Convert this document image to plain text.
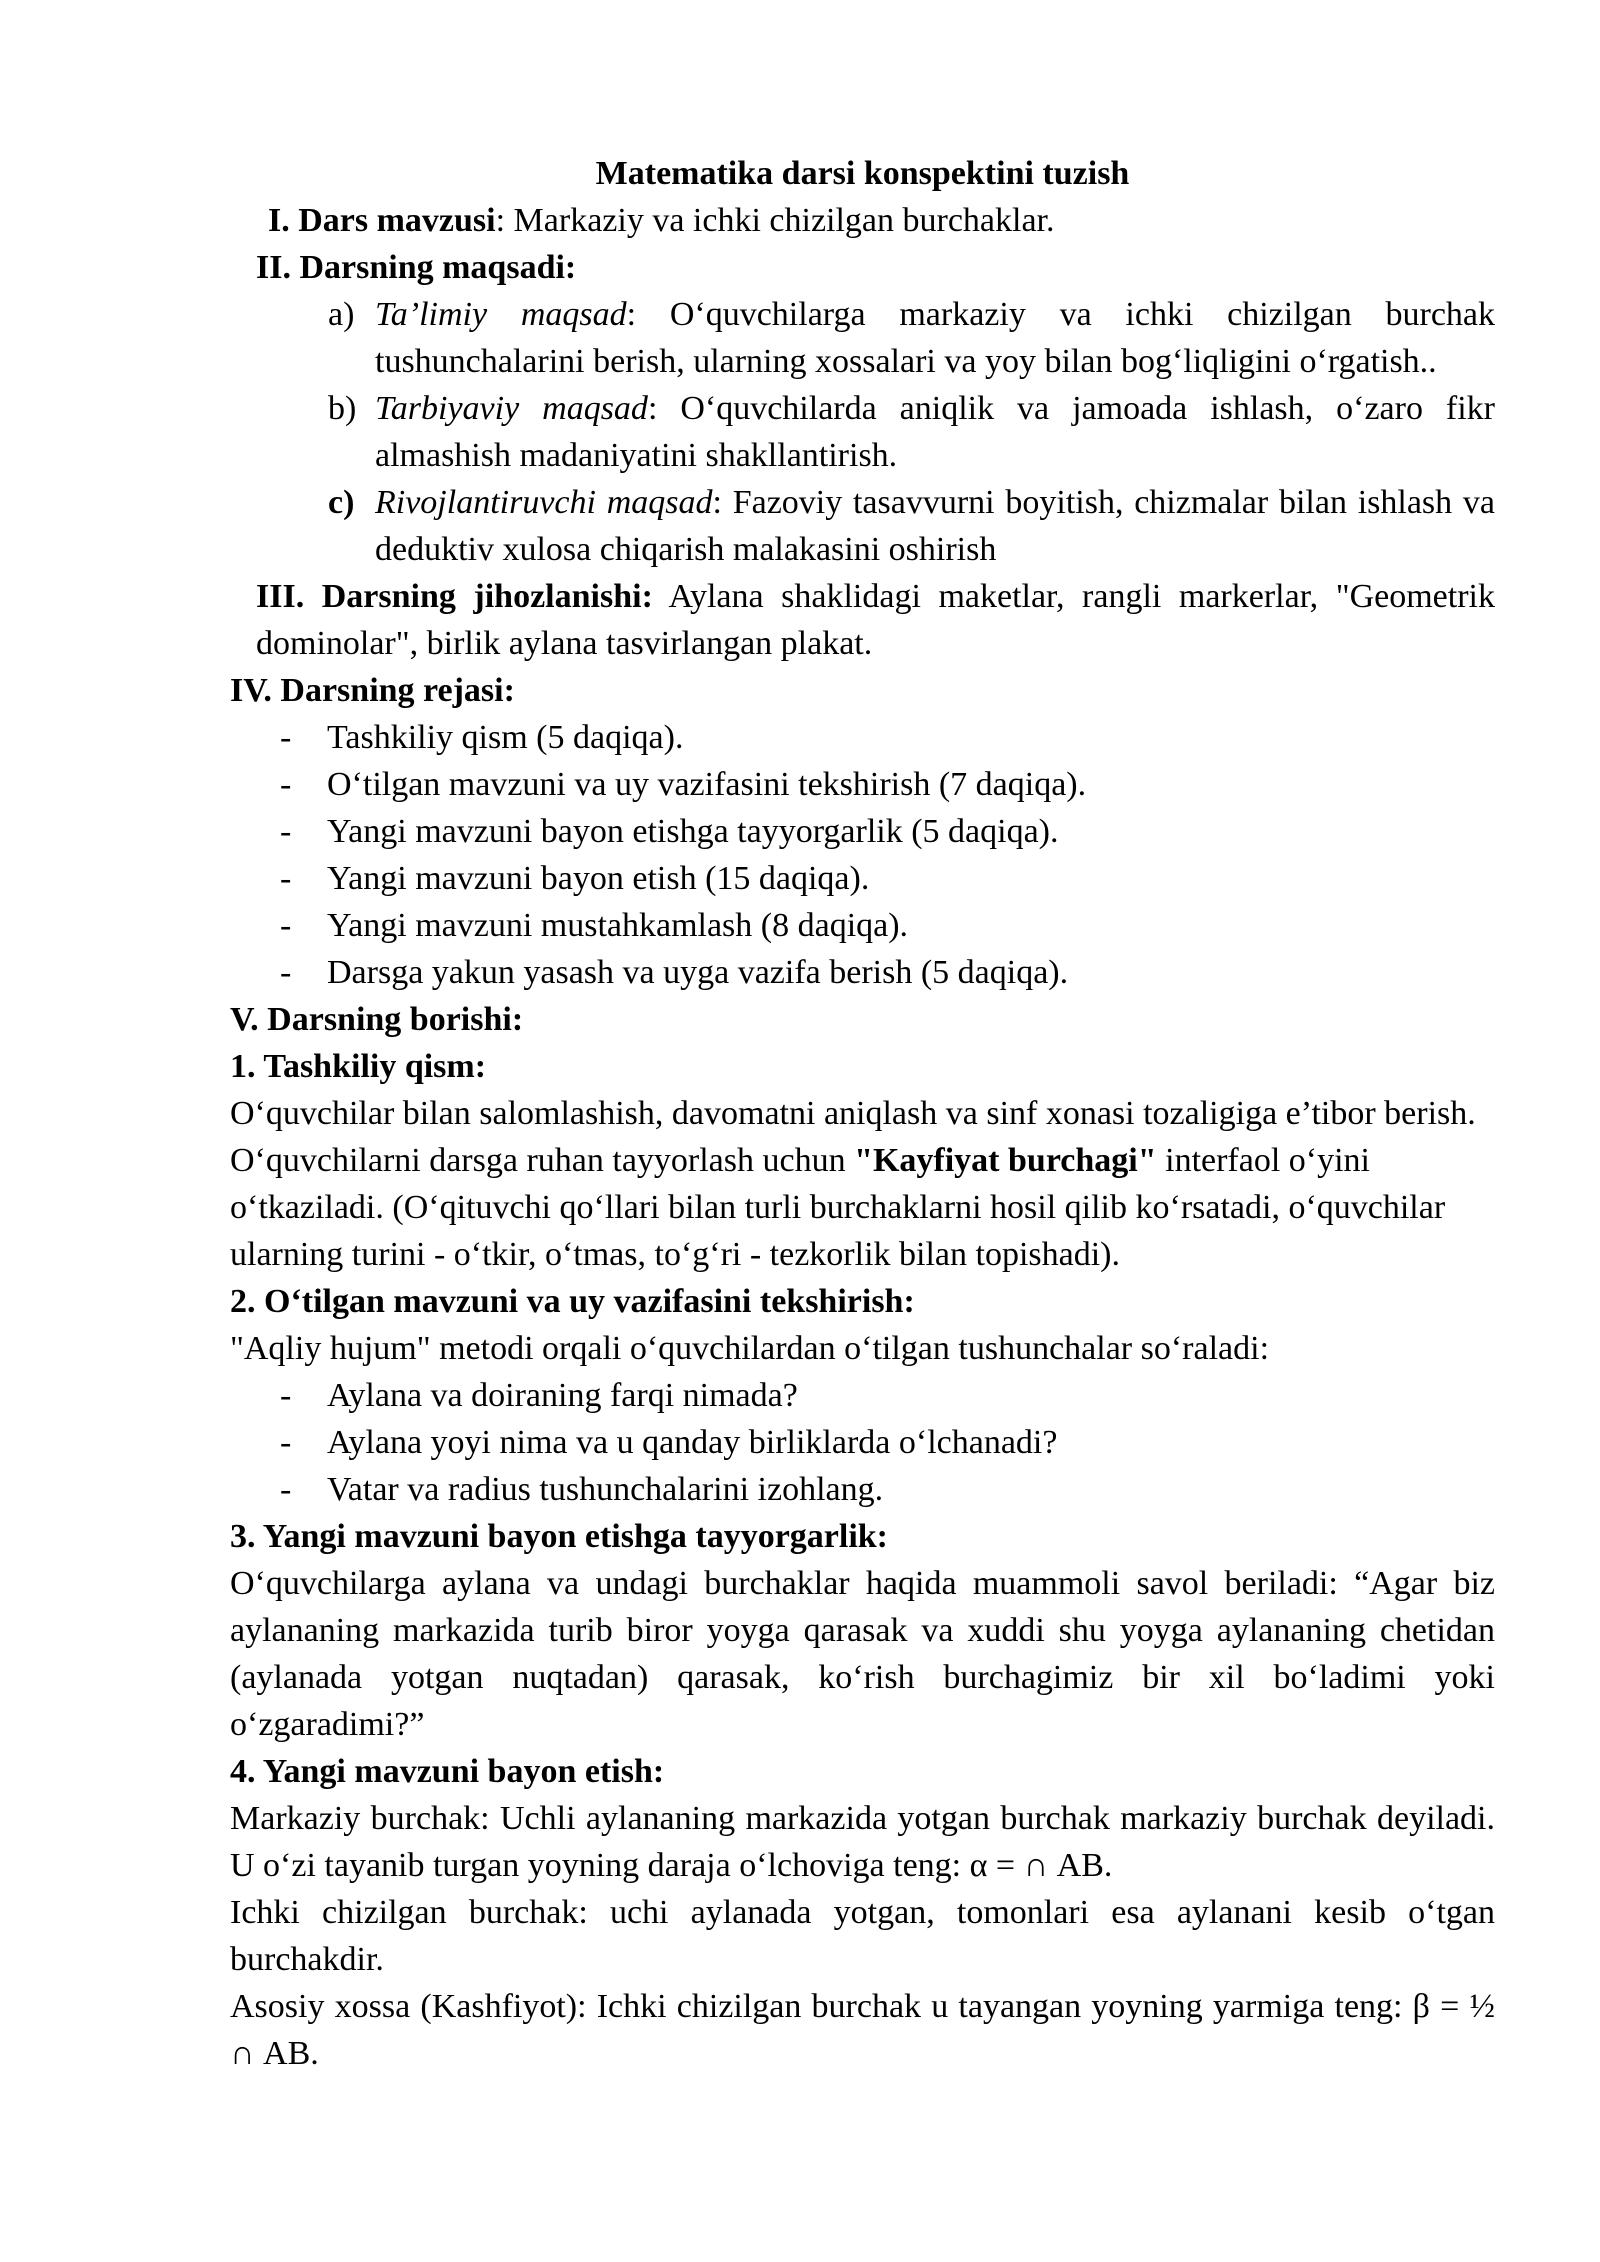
Matematika darsi konspektini tuzish

I. Dars mavzusi: Markaziy va ichki chizilgan burchaklar.

II. Darsning maqsadi:

a) Ta’limiy maqsad: O‘quvchilarga markaziy va ichki chizilgan burchak tushunchalarini berish, ularning xossalari va yoy bilan bog‘liqligini o‘rgatish..

b) Tarbiyaviy maqsad: O‘quvchilarda aniqlik va jamoada ishlash, o‘zaro fikr almashish madaniyatini shakllantirish.

c) Rivojlantiruvchi maqsad: Fazoviy tasavvurni boyitish, chizmalar bilan ishlash va deduktiv xulosa chiqarish malakasini oshirish

III. Darsning jihozlanishi: Aylana shaklidagi maketlar, rangli markerlar, "Geometrik dominolar", birlik aylana tasvirlangan plakat.

IV. Darsning rejasi:

- Tashkiliy qism (5 daqiqa).

- O‘tilgan mavzuni va uy vazifasini tekshirish (7 daqiqa).

- Yangi mavzuni bayon etishga tayyorgarlik (5 daqiqa).

- Yangi mavzuni bayon etish (15 daqiqa).

- Yangi mavzuni mustahkamlash (8 daqiqa).

- Darsga yakun yasash va uyga vazifa berish (5 daqiqa).

V. Darsning borishi:

1. Tashkiliy qism:

O‘quvchilar bilan salomlashish, davomatni aniqlash va sinf xonasi tozaligiga e’tibor berish. O‘quvchilarni darsga ruhan tayyorlash uchun "Kayfiyat burchagi" interfaol o‘yini o‘tkaziladi. (O‘qituvchi qo‘llari bilan turli burchaklarni hosil qilib ko‘rsatadi, o‘quvchilar ularning turini - o‘tkir, o‘tmas, to‘g‘ri - tezkorlik bilan topishadi).

2. O‘tilgan mavzuni va uy vazifasini tekshirish:

"Aqliy hujum" metodi orqali o‘quvchilardan o‘tilgan tushunchalar so‘raladi:

- Aylana va doiraning farqi nimada?

- Aylana yoyi nima va u qanday birliklarda o‘lchanadi?

- Vatar va radius tushunchalarini izohlang.

3. Yangi mavzuni bayon etishga tayyorgarlik:

O‘quvchilarga aylana va undagi burchaklar haqida muammoli savol beriladi: “Agar biz aylananing markazida turib biror yoyga qarasak va xuddi shu yoyga aylananing chetidan (aylanada yotgan nuqtadan) qarasak, ko‘rish burchagimiz bir xil bo‘ladimi yoki o‘zgaradimi?”

4. Yangi mavzuni bayon etish:

Markaziy burchak: Uchli aylananing markazida yotgan burchak markaziy burchak deyiladi. U o‘zi tayanib turgan yoyning daraja o‘lchoviga teng: α = ∩ AB.

Ichki chizilgan burchak: uchi aylanada yotgan, tomonlari esa aylanani kesib o‘tgan burchakdir.

Asosiy xossa (Kashfiyot): Ichki chizilgan burchak u tayangan yoyning yarmiga teng: β = ½ ∩ AB.
